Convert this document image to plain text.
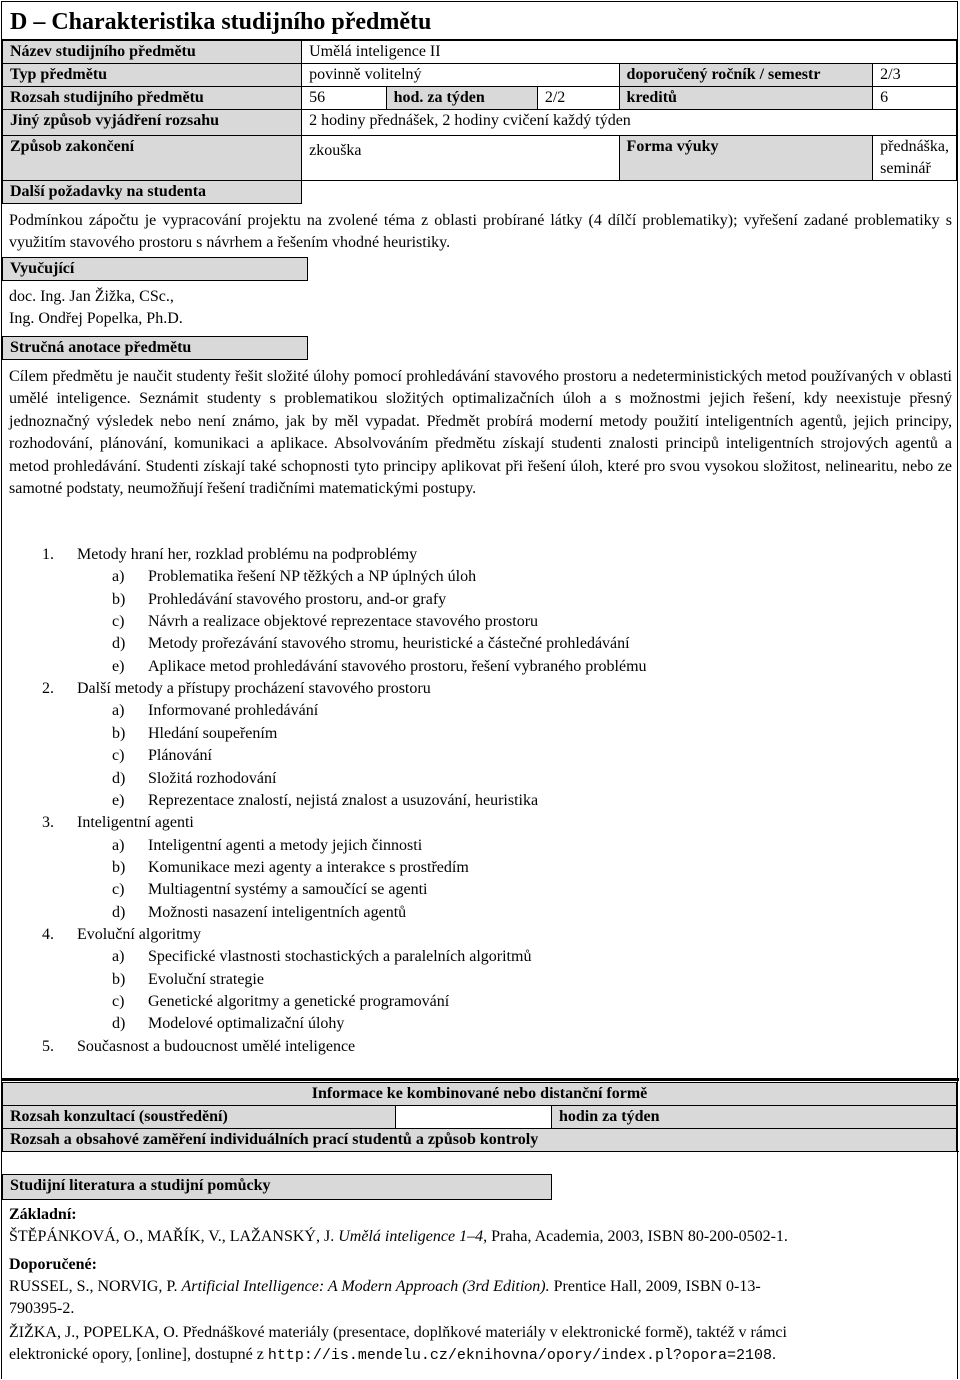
D – Charakteristika studijního předmětu
Název studijního předmětu	Umělá inteligence II				
Typ předmětu	povinně volitelný			doporučený ročník / semestr	2/3
Rozsah studijního předmětu	56	hod. za týden	2/2	kreditů	6
Jiný způsob vyjádření rozsahu	2 hodiny přednášek, 2 hodiny cvičení každý týden				
Způsob zakončení	zkouška			Forma výuky	přednáška,
seminář
Další požadavky na studenta					
Podmínkou zápočtu je vypracování projektu na zvolené téma z oblasti probírané látky (4 dílčí problematiky); vyřešení zadané problematiky s využitím stavového prostoru s návrhem a řešením vhodné heuristiky.
Vyučující
doc. Ing. Jan Žižka, CSc.,
Ing. Ondřej Popelka, Ph.D.
Stručná anotace předmětu
Cílem předmětu je naučit studenty řešit složité úlohy pomocí prohledávání stavového prostoru a nedeterministických metod používaných v oblasti umělé inteligence. Seznámit studenty s problematikou složitých optimalizačních úloh a s možnostmi jejich řešení, kdy neexistuje přesný jednoznačný výsledek nebo není známo, jak by měl vypadat. Předmět probírá moderní metody použití inteligentních agentů, jejich principy, rozhodování, plánování, komunikaci a aplikace. Absolvováním předmětu získají studenti znalosti principů inteligentních strojových agentů a metod prohledávání. Studenti získají také schopnosti tyto principy aplikovat při řešení úloh, které pro svou vysokou složitost, nelinearitu, nebo ze samotné podstaty, neumožňují řešení tradičními matematickými postupy.
1. Metody hraní her, rozklad problému na podproblémy
a) Problematika řešení NP těžkých a NP úplných úloh
b) Prohledávání stavového prostoru, and-or grafy
c) Návrh a realizace objektové reprezentace stavového prostoru
d) Metody prořezávání stavového stromu, heuristické a částečné prohledávání
e) Aplikace metod prohledávání stavového prostoru, řešení vybraného problému
2. Další metody a přístupy procházení stavového prostoru
a) Informované prohledávání
b) Hledání soupeřením
c) Plánování
d) Složitá rozhodování
e) Reprezentace znalostí, nejistá znalost a usuzování, heuristika
3. Inteligentní agenti
a) Inteligentní agenti a metody jejich činnosti
b) Komunikace mezi agenty a interakce s prostředím
c) Multiagentní systémy a samoučící se agenti
d) Možnosti nasazení inteligentních agentů
4. Evoluční algoritmy
a) Specifické vlastnosti stochastických a paralelních algoritmů
b) Evoluční strategie
c) Genetické algoritmy a genetické programování
d) Modelové optimalizační úlohy
5. Současnost a budoucnost umělé inteligence
Informace ke kombinované nebo distanční formě
Rozsah konzultací (soustředění)		hodin za týden
Rozsah a obsahové zaměření individuálních prací studentů a způsob kontroly
Studijní literatura a studijní pomůcky
Základní:
ŠTĚPÁNKOVÁ, O., MAŘÍK, V., LAŽANSKÝ, J. Umělá inteligence 1–4, Praha, Academia, 2003, ISBN 80-200-0502-1.
Doporučené:
RUSSEL, S., NORVIG, P. Artificial Intelligence: A Modern Approach (3rd Edition). Prentice Hall, 2009, ISBN 0-13-
790395-2.
ŽIŽKA, J., POPELKA, O. Přednáškové materiály (presentace, doplňkové materiály v elektronické formě), taktéž v rámci
elektronické opory, [online], dostupné z http://is.mendelu.cz/eknihovna/opory/index.pl?opora=2108.
